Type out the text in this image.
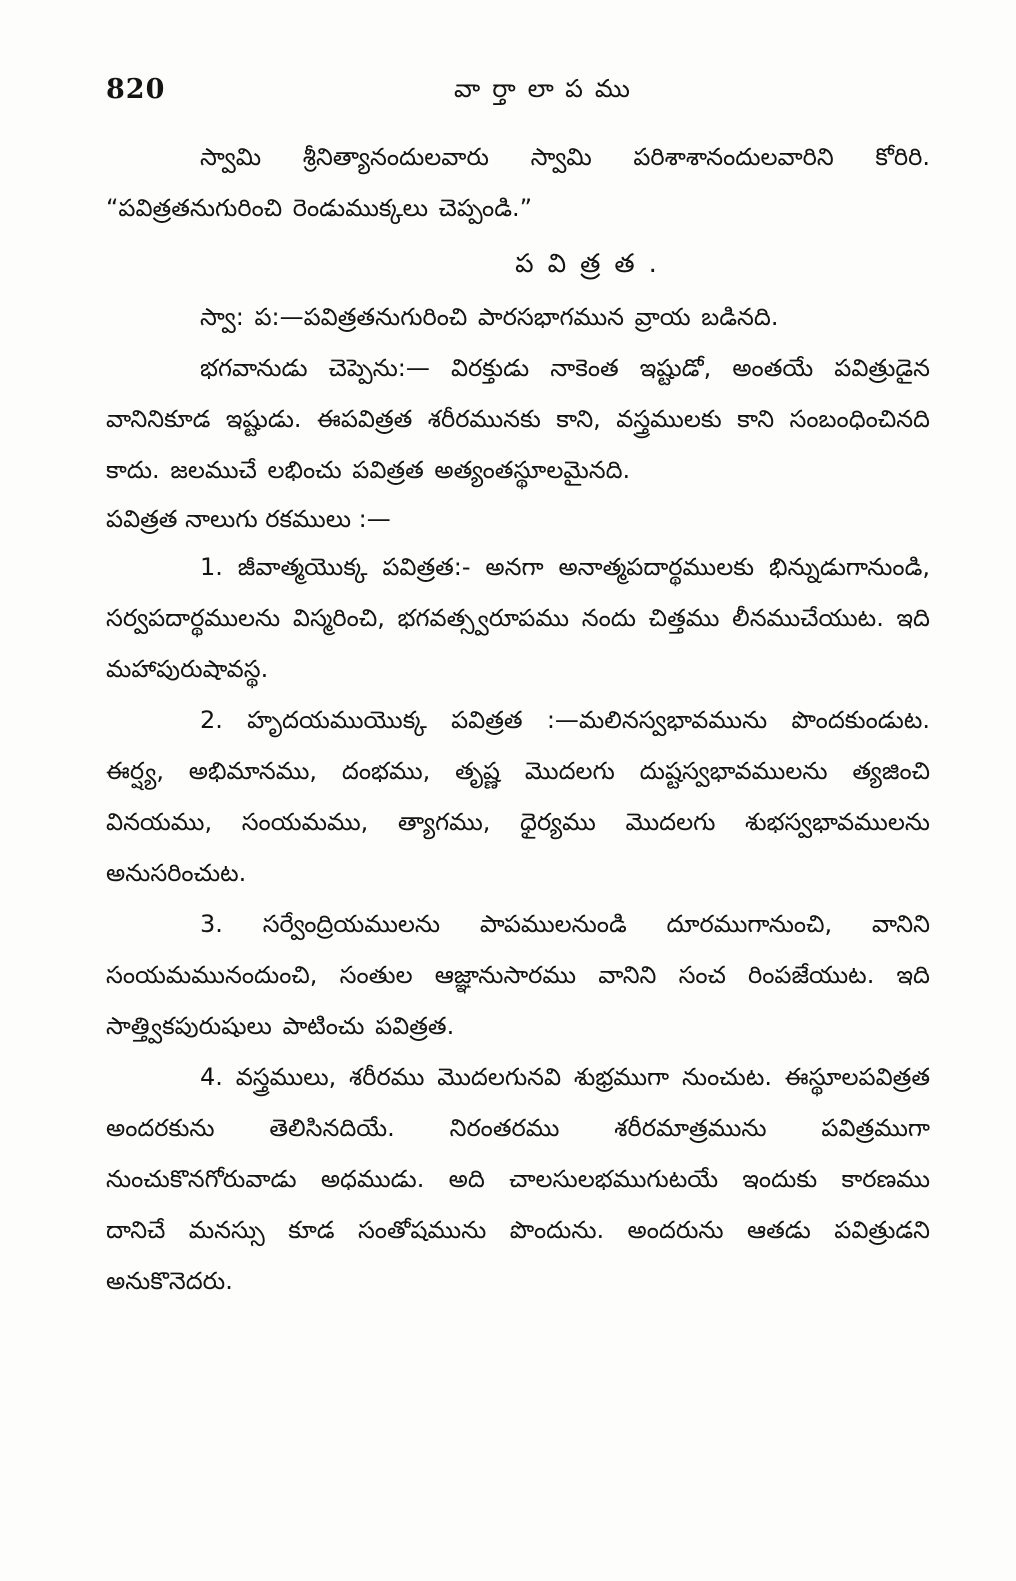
820	వార్తాలాపము

స్వామి శ్రీనిత్యానందులవారు స్వామి పరిశాశానందులవారిని కోరిరి. “పవిత్రతనుగురించి రెండుముక్కలు చెప్పండి.”

పవిత్రత.

స్వా: ప:—పవిత్రతనుగురించి పారసభాగమున వ్రాయ బడినది.

భగవానుడు చెప్పెను:— విరక్తుడు నాకెంత ఇష్టుడో, అంతయే పవిత్రుడైన వానినికూడ ఇష్టుడు. ఈపవిత్రత శరీరమునకు కాని, వస్త్రములకు కాని సంబంధించినది కాదు. జలముచే లభించు పవిత్రత అత్యంతస్థూలమైనది.

పవిత్రత నాలుగు రకములు :—

1. జీవాత్మయొక్క పవిత్రత:- అనగా అనాత్మపదార్థములకు భిన్నుడుగానుండి, సర్వపదార్థములను విస్మరించి, భగవత్స్వరూపము నందు చిత్తము లీనముచేయుట. ఇది మహాపురుషావస్థ.

2. హృదయముయొక్క పవిత్రత :—మలినస్వభావమును పొందకుండుట. ఈర్ష్య, అభిమానము, దంభము, తృష్ణ మొదలగు దుష్టస్వభావములను త్యజించి వినయము, సంయమము, త్యాగము, ధైర్యము మొదలగు శుభస్వభావములను అనుసరించుట.

3. సర్వేంద్రియములను పాపములనుండి దూరముగానుంచి, వానిని సంయమమునందుంచి, సంతుల ఆజ్ఞానుసారము వానిని సంచ రింపజేయుట. ఇది సాత్త్వికపురుషులు పాటించు పవిత్రత.

4. వస్త్రములు, శరీరము మొదలగునవి శుభ్రముగా నుంచుట. ఈస్థూలపవిత్రత అందరకును తెలిసినదియే. నిరంతరము శరీరమాత్రమును పవిత్రముగా నుంచుకొనగోరువాడు అధముడు. అది చాలసులభముగుటయే ఇందుకు కారణము దానిచే మనస్సు కూడ సంతోషమును పొందును. అందరును ఆతడు పవిత్రుడని అనుకొనెదరు.
